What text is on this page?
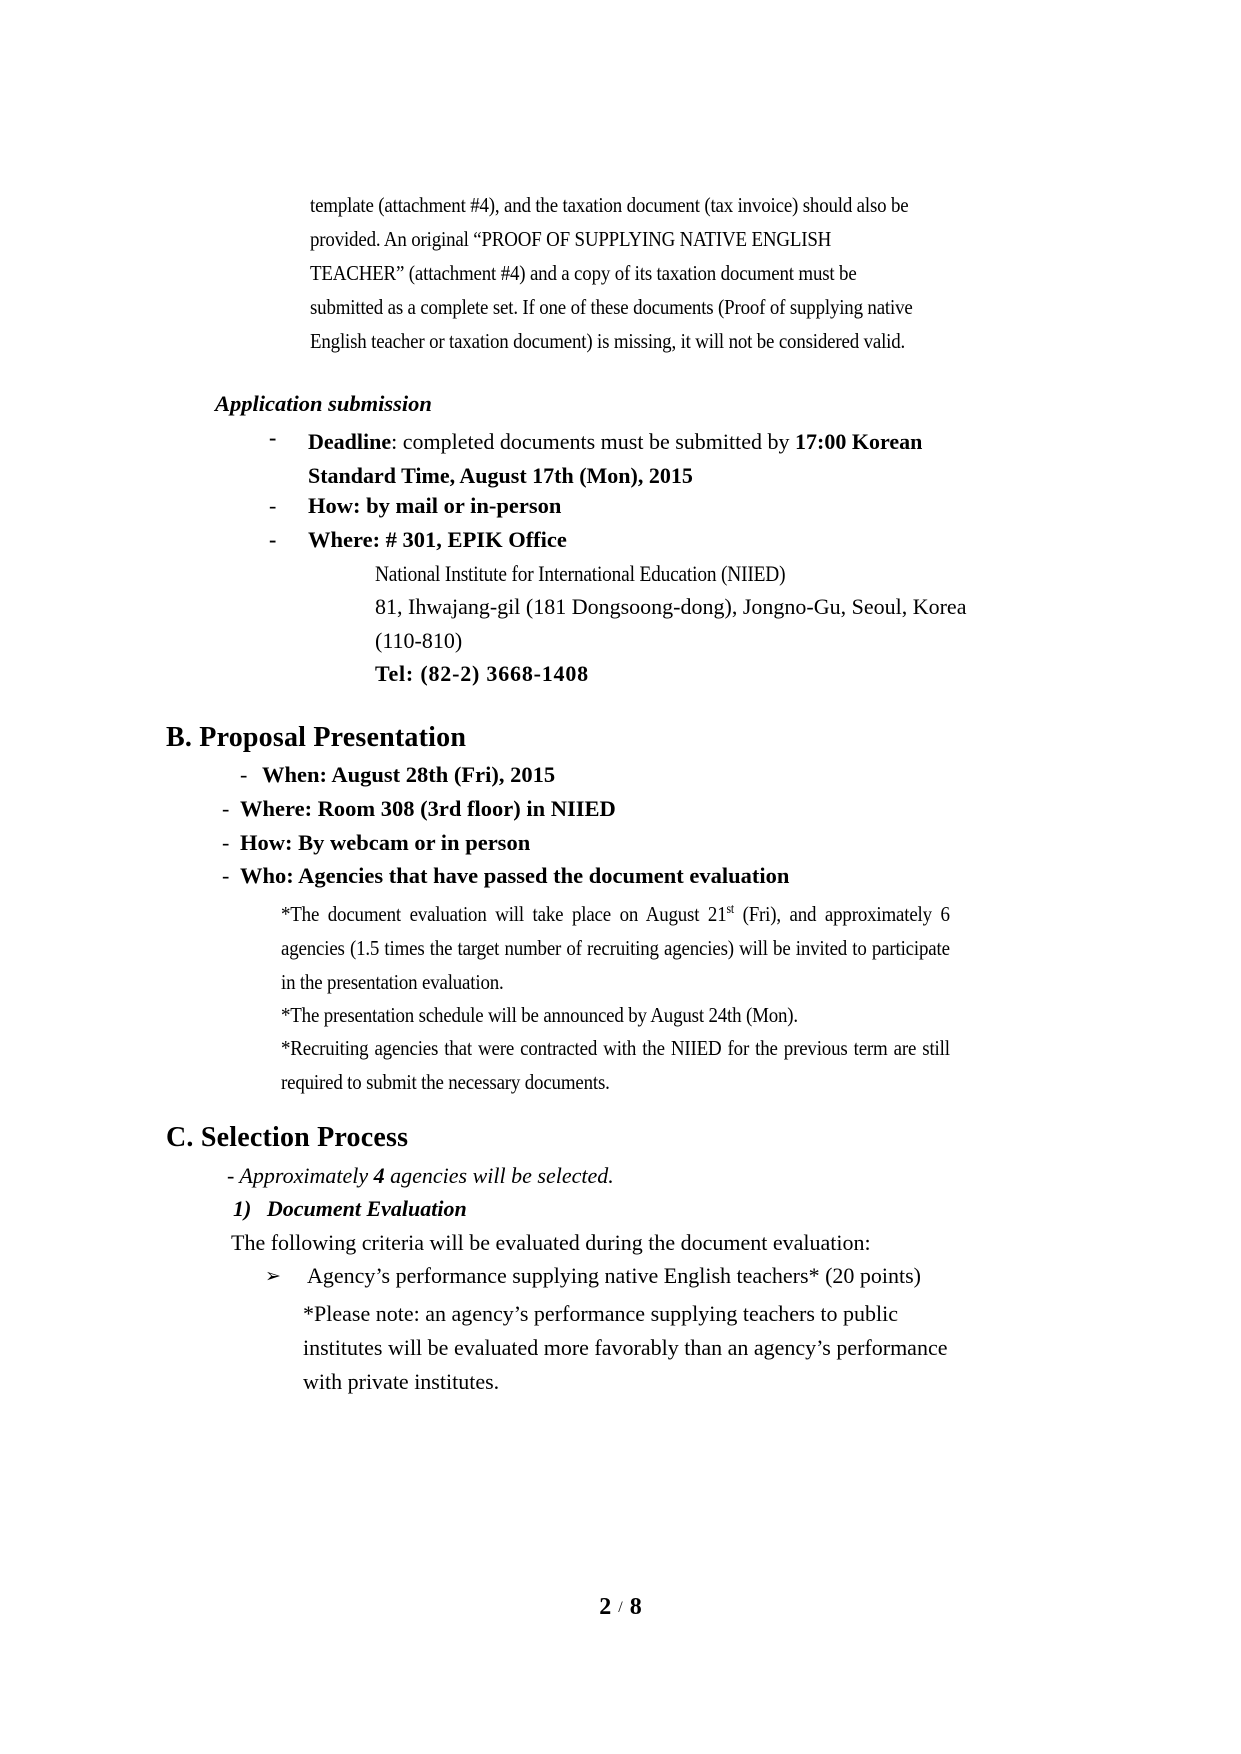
template (attachment #4), and the taxation document (tax invoice) should also be provided. An original “PROOF OF SUPPLYING NATIVE ENGLISH TEACHER” (attachment #4) and a copy of its taxation document must be submitted as a complete set. If one of these documents (Proof of supplying native English teacher or taxation document) is missing, it will not be considered valid.

Application submission
- Deadline: completed documents must be submitted by 17:00 Korean Standard Time, August 17th (Mon), 2015
- How: by mail or in-person
- Where: # 301, EPIK Office
National Institute for International Education (NIIED)
81, Ihwajang-gil (181 Dongsoong-dong), Jongno-Gu, Seoul, Korea
(110-810)
Tel: (82-2) 3668-1408
B. Proposal Presentation
- When: August 28th (Fri), 2015
- Where: Room 308 (3rd floor) in NIIED
- How: By webcam or in person
- Who: Agencies that have passed the document evaluation
*The document evaluation will take place on August 21st (Fri), and approximately 6 agencies (1.5 times the target number of recruiting agencies) will be invited to participate in the presentation evaluation.
*The presentation schedule will be announced by August 24th (Mon).
*Recruiting agencies that were contracted with the NIIED for the previous term are still required to submit the necessary documents.
C. Selection Process
- Approximately 4 agencies will be selected.
1) Document Evaluation
The following criteria will be evaluated during the document evaluation:
➢ Agency’s performance supplying native English teachers* (20 points)
*Please note: an agency’s performance supplying teachers to public institutes will be evaluated more favorably than an agency’s performance with private institutes.
2 / 8
